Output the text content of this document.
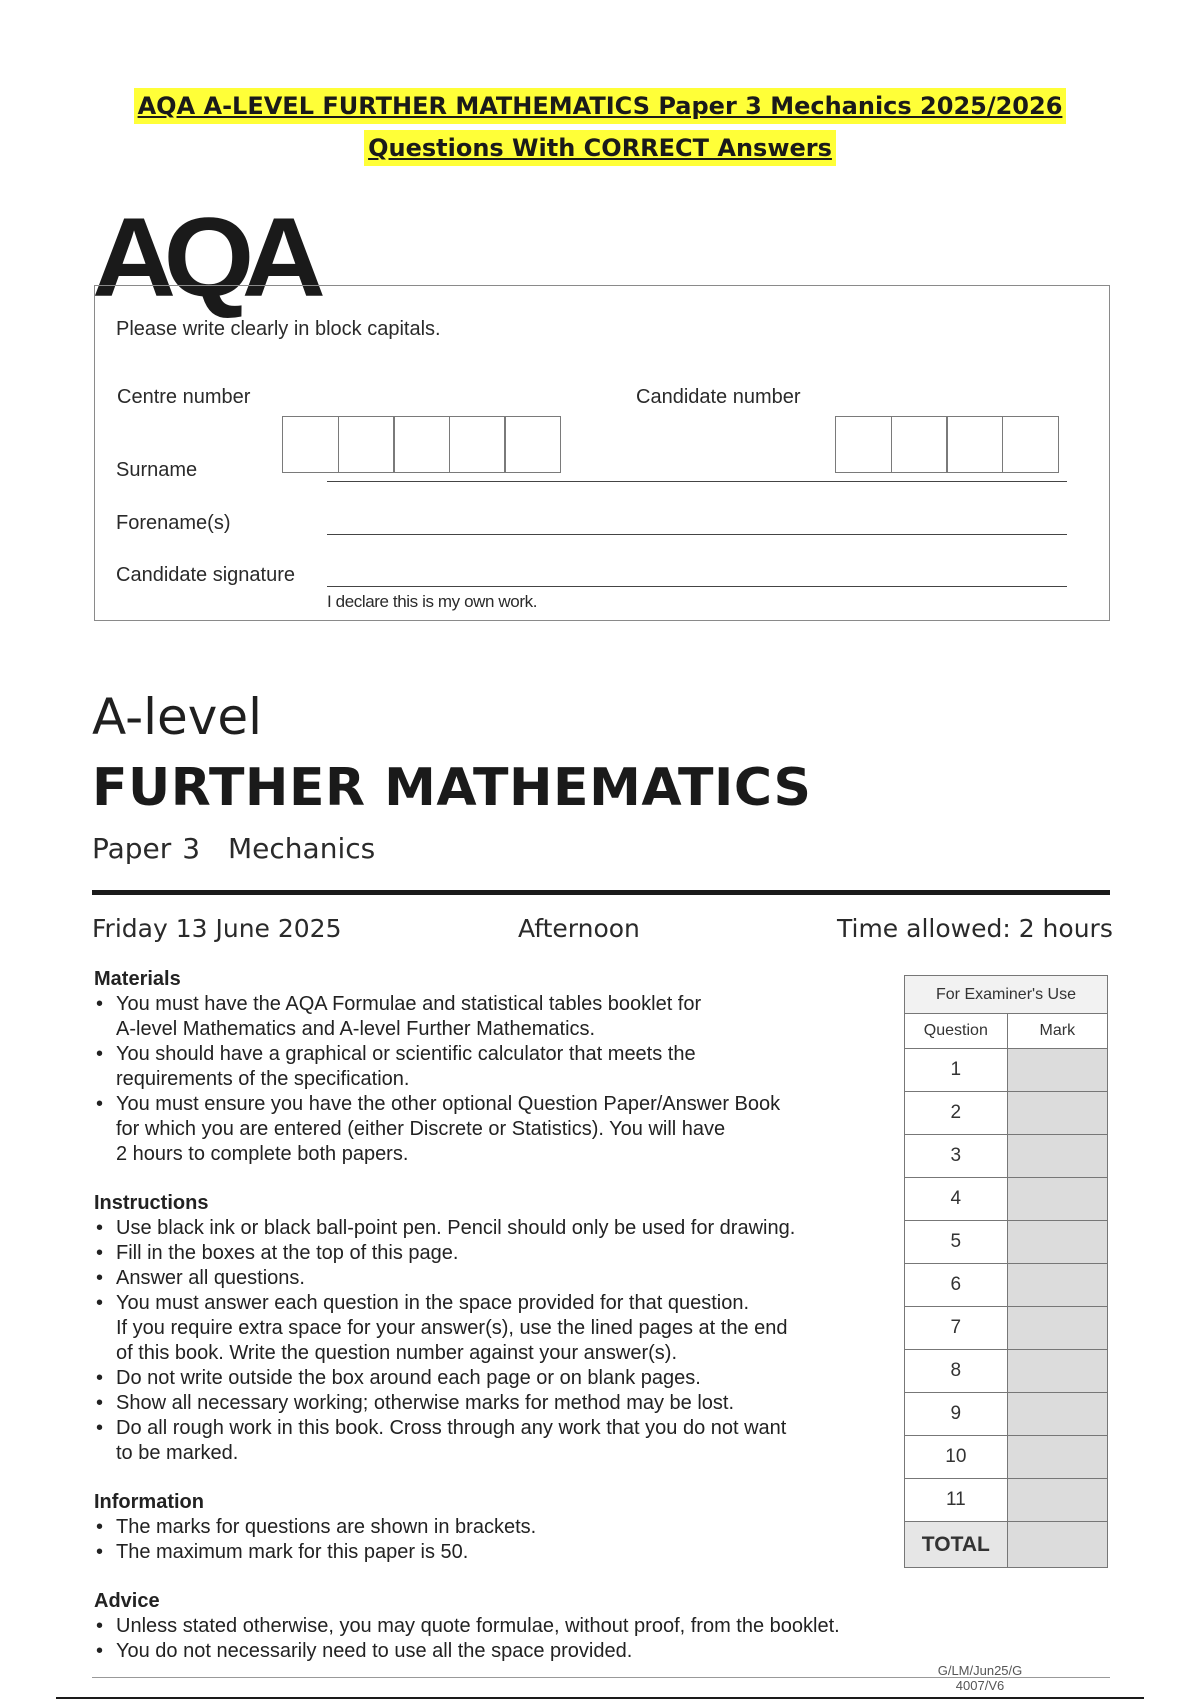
AQA A-LEVEL FURTHER MATHEMATICS Paper 3 Mechanics 2025/2026
Questions With CORRECT Answers
AQA
Please write clearly in block capitals.
Centre number	Candidate number
Surname
Forename(s)
Candidate signature
I declare this is my own work.
A-level
FURTHER MATHEMATICS
Paper 3 Mechanics
Friday 13 June 2025	Afternoon	Time allowed: 2 hours
Materials
• You must have the AQA Formulae and statistical tables booklet for
A-level Mathematics and A-level Further Mathematics.
• You should have a graphical or scientific calculator that meets the
requirements of the specification.
• You must ensure you have the other optional Question Paper/Answer Book
for which you are entered (either Discrete or Statistics). You will have
2 hours to complete both papers.
Instructions
• Use black ink or black ball-point pen. Pencil should only be used for drawing.
• Fill in the boxes at the top of this page.
• Answer all questions.
• You must answer each question in the space provided for that question.
If you require extra space for your answer(s), use the lined pages at the end
of this book. Write the question number against your answer(s).
• Do not write outside the box around each page or on blank pages.
• Show all necessary working; otherwise marks for method may be lost.
• Do all rough work in this book. Cross through any work that you do not want
to be marked.
Information
• The marks for questions are shown in brackets.
• The maximum mark for this paper is 50.
Advice
• Unless stated otherwise, you may quote formulae, without proof, from the booklet.
• You do not necessarily need to use all the space provided.
For Examiner's Use	
Question	Mark
1	
2	
3	
4	
5	
6	
7	
8	
9	
10	
11	
TOTAL	
G/LM/Jun25/G
4007/V6
